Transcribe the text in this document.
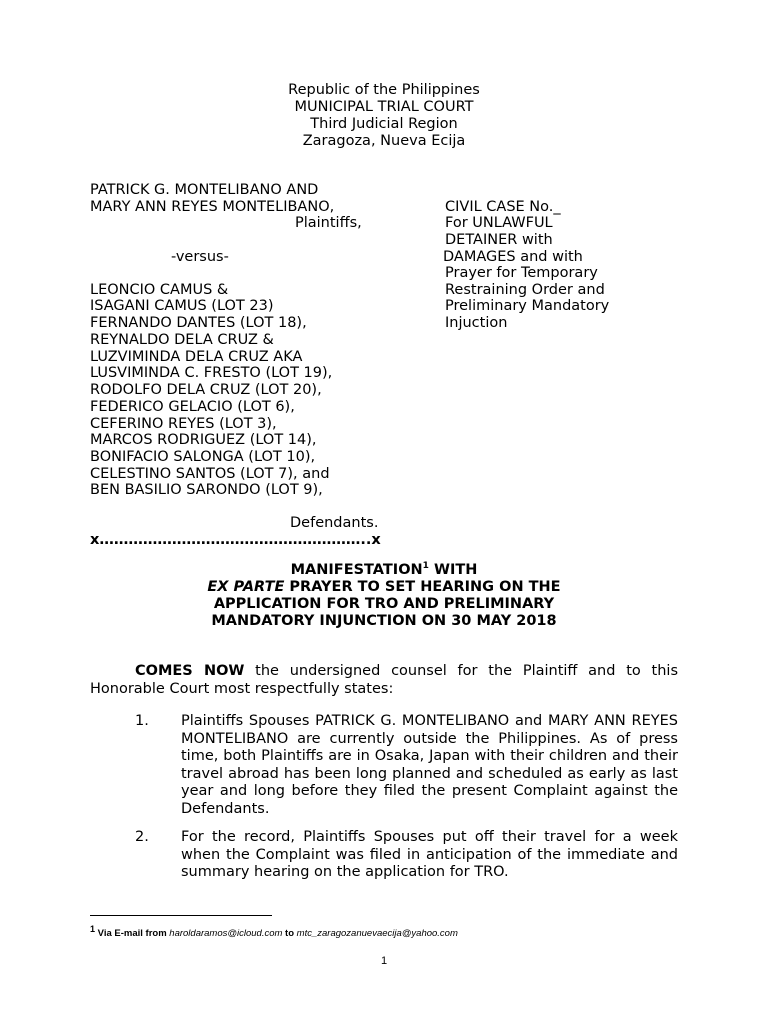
Republic of the Philippines
MUNICIPAL TRIAL COURT
Third Judicial Region
Zaragoza, Nueva Ecija
PATRICK G. MONTELIBANO AND
MARY ANN REYES MONTELIBANO,
Plaintiffs,
-versus-
LEONCIO CAMUS &
ISAGANI CAMUS (LOT 23)
FERNANDO DANTES (LOT 18),
REYNALDO DELA CRUZ &
LUZVIMINDA DELA CRUZ AKA
LUSVIMINDA C. FRESTO (LOT 19),
RODOLFO DELA CRUZ (LOT 20),
FEDERICO GELACIO (LOT 6),
CEFERINO REYES (LOT 3),
MARCOS RODRIGUEZ (LOT 14),
BONIFACIO SALONGA (LOT 10),
CELESTINO SANTOS (LOT 7), and
BEN BASILIO SARONDO (LOT 9),
Defendants.
x………………………………………………..x
CIVIL CASE No._
For UNLAWFUL
DETAINER with
DAMAGES and with
Prayer for Temporary
Restraining Order and
Preliminary Mandatory
Injuction
MANIFESTATION$^1$ WITH
EX PARTE PRAYER TO SET HEARING ON THE
APPLICATION FOR TRO AND PRELIMINARY
MANDATORY INJUNCTION ON 30 MAY 2018
COMES NOW the undersigned counsel for the Plaintiff and to this Honorable Court most respectfully states:
1. Plaintiffs Spouses PATRICK G. MONTELIBANO and MARY ANN REYES MONTELIBANO are currently outside the Philippines. As of press time, both Plaintiffs are in Osaka, Japan with their children and their travel abroad has been long planned and scheduled as early as last year and long before they filed the present Complaint against the Defendants.
2. For the record, Plaintiffs Spouses put off their travel for a week when the Complaint was filed in anticipation of the immediate and summary hearing on the application for TRO.
$^1$ Via E-mail from haroldaramos@icloud.com to mtc_zaragozanuevaecija@yahoo.com
1
